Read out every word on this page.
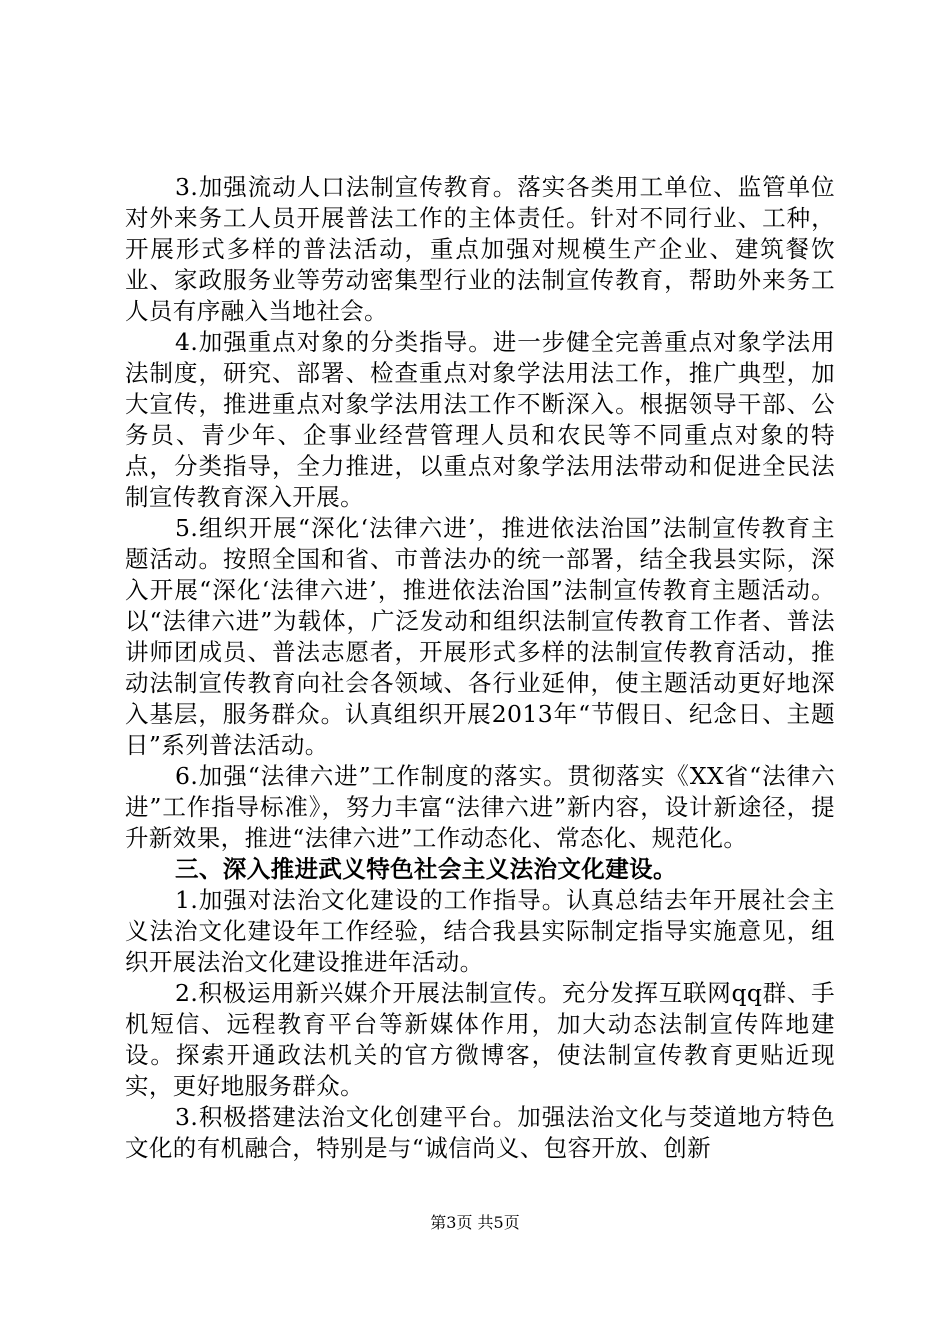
3.加强流动人口法制宣传教育。落实各类用工单位、监管单位对外来务工人员开展普法工作的主体责任。针对不同行业、工种，开展形式多样的普法活动，重点加强对规模生产企业、建筑餐饮业、家政服务业等劳动密集型行业的法制宣传教育，帮助外来务工人员有序融入当地社会。

4.加强重点对象的分类指导。进一步健全完善重点对象学法用法制度，研究、部署、检查重点对象学法用法工作，推广典型，加大宣传，推进重点对象学法用法工作不断深入。根据领导干部、公务员、青少年、企事业经营管理人员和农民等不同重点对象的特点，分类指导，全力推进，以重点对象学法用法带动和促进全民法制宣传教育深入开展。

5.组织开展“深化‘法律六进’，推进依法治国”法制宣传教育主题活动。按照全国和省、市普法办的统一部署，结全我县实际，深入开展“深化‘法律六进’，推进依法治国”法制宣传教育主题活动。以“法律六进”为载体，广泛发动和组织法制宣传教育工作者、普法讲师团成员、普法志愿者，开展形式多样的法制宣传教育活动，推动法制宣传教育向社会各领域、各行业延伸，使主题活动更好地深入基层，服务群众。认真组织开展2013年“节假日、纪念日、主题日”系列普法活动。

6.加强“法律六进”工作制度的落实。贯彻落实《XX省“法律六进”工作指导标准》，努力丰富“法律六进”新内容，设计新途径，提升新效果，推进“法律六进”工作动态化、常态化、规范化。

三、深入推进武义特色社会主义法治文化建设。

1.加强对法治文化建设的工作指导。认真总结去年开展社会主义法治文化建设年工作经验，结合我县实际制定指导实施意见，组织开展法治文化建设推进年活动。

2.积极运用新兴媒介开展法制宣传。充分发挥互联网qq群、手机短信、远程教育平台等新媒体作用，加大动态法制宣传阵地建设。探索开通政法机关的官方微博客，使法制宣传教育更贴近现实，更好地服务群众。

3.积极搭建法治文化创建平台。加强法治文化与茭道地方特色文化的有机融合，特别是与“诚信尚义、包容开放、创新

第3页 共5页
